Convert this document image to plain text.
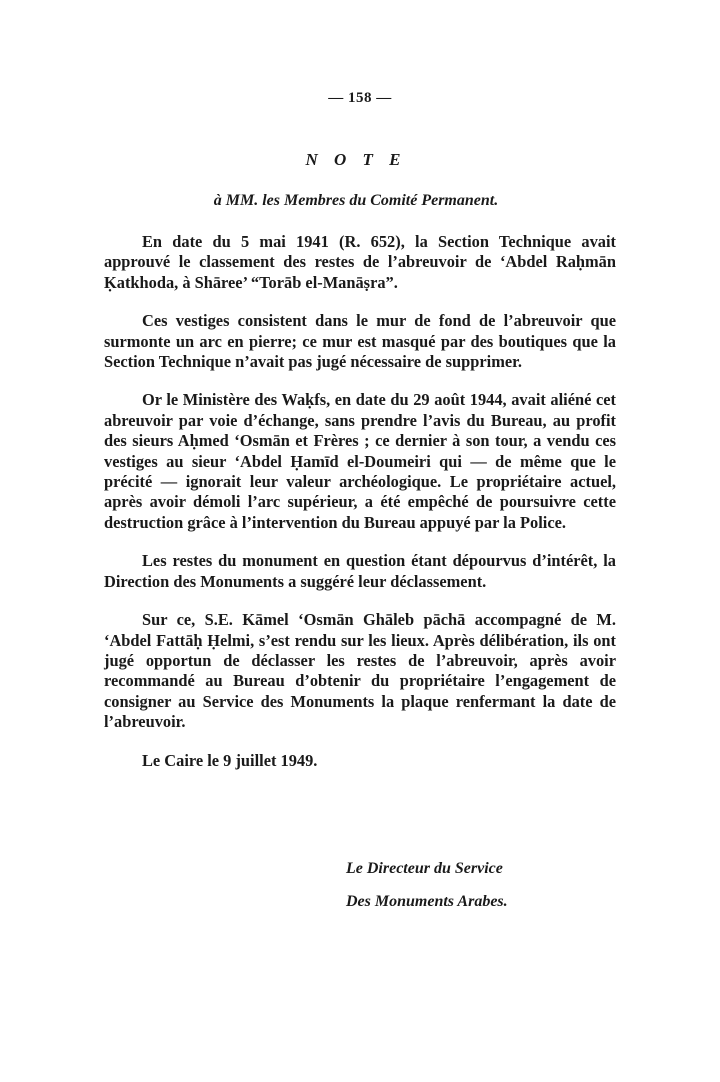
— 158 —
N O T E
à MM. les Membres du Comité Permanent.

En date du 5 mai 1941 (R. 652), la Section Technique avait approuvé le classement des restes de l’abreuvoir de ‘Abdel Raḥmān Ḳatkhoda, à Shāree’ “Torāb el-Manāṣra”.

Ces vestiges consistent dans le mur de fond de l’abreuvoir que surmonte un arc en pierre; ce mur est masqué par des boutiques que la Section Technique n’avait pas jugé nécessaire de supprimer.

Or le Ministère des Waḳfs, en date du 29 août 1944, avait aliéné cet abreuvoir par voie d’échange, sans prendre l’avis du Bureau, au profit des sieurs Aḥmed ‘Osmān et Frères ; ce dernier à son tour, a vendu ces vestiges au sieur ‘Abdel Ḥamīd el-Doumeiri qui — de même que le précité — ignorait leur valeur archéologique. Le propriétaire actuel, après avoir démoli l’arc supérieur, a été empêché de poursuivre cette destruction grâce à l’intervention du Bureau appuyé par la Police.

Les restes du monument en question étant dépourvus d’intérêt, la Direction des Monuments a suggéré leur déclassement.

Sur ce, S.E. Kāmel ‘Osmān Ghāleb pāchā accompagné de M. ‘Abdel Fattāḥ Ḥelmi, s’est rendu sur les lieux. Après délibération, ils ont jugé opportun de déclasser les restes de l’abreuvoir, après avoir recommandé au Bureau d’obtenir du propriétaire l’engagement de consigner au Service des Monuments la plaque renfermant la date de l’abreuvoir.

Le Caire le 9 juillet 1949.

Le Directeur du Service
Des Monuments Arabes.
